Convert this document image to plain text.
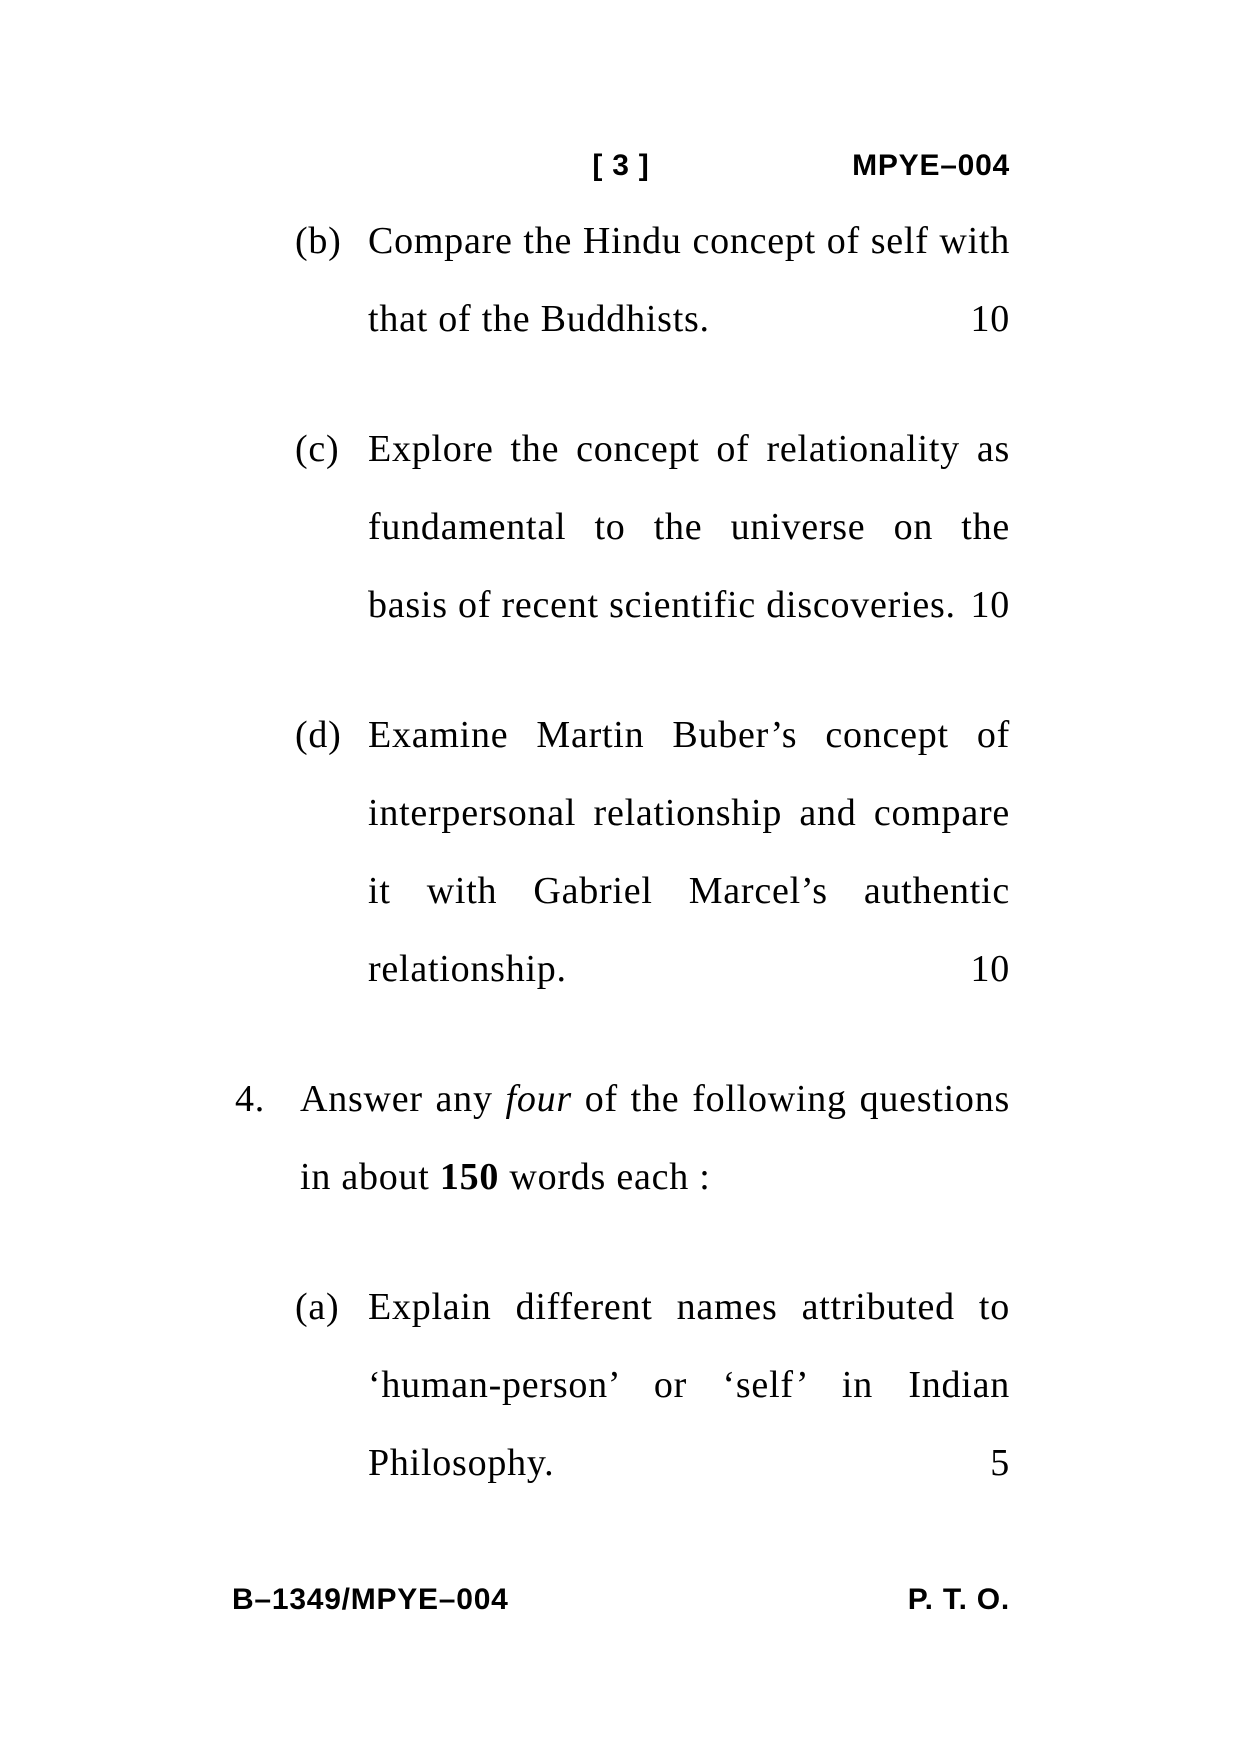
[ 3 ]	MPYE–004
(b) Compare the Hindu concept of self with
that of the Buddhists.	10
(c) Explore the concept of relationality as
fundamental to the universe on the
basis of recent scientific discoveries. 10
(d) Examine Martin Buber’s concept of
interpersonal relationship and compare
it with Gabriel Marcel’s authentic
relationship.	10
4. Answer any four of the following questions
in about 150 words each :
(a) Explain different names attributed to
‘human-person’ or ‘self’ in Indian
Philosophy.	5
B–1349/MPYE–004	P. T. O.
